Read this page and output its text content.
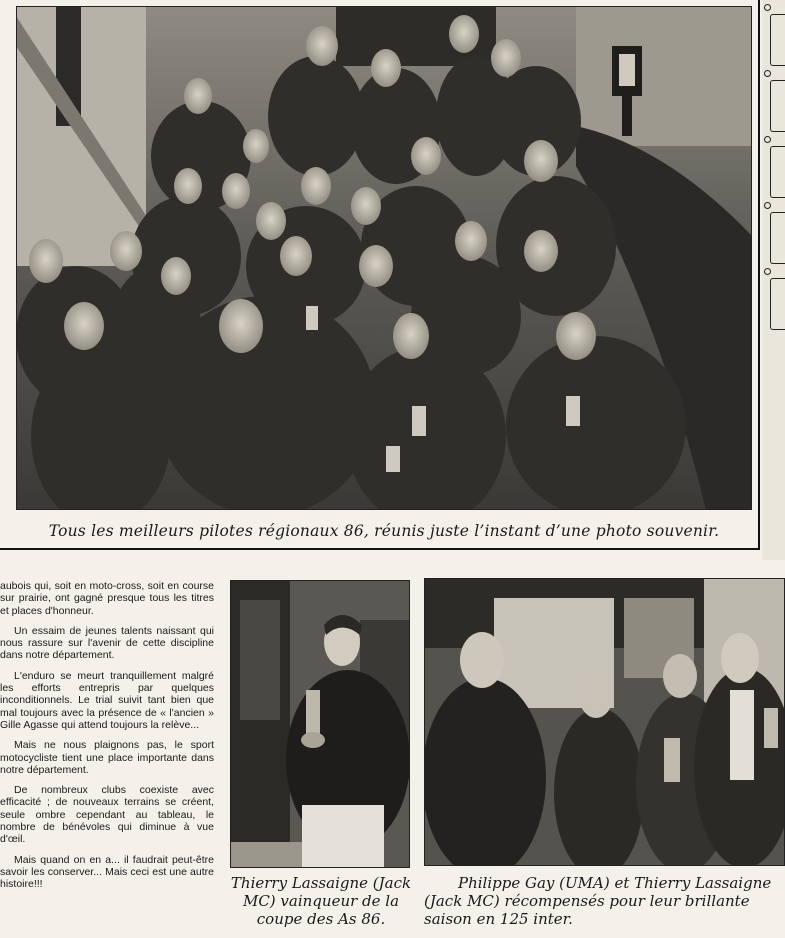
Tous les meilleurs pilotes régionaux 86, réunis juste l’instant d’une photo souvenir.

aubois qui, soit en moto-cross, soit en course sur prairie, ont gagné presque tous les titres et places d'honneur.

Un essaim de jeunes talents naissant qui nous rassure sur l'avenir de cette discipline dans notre département.

L'enduro se meurt tranquillement malgré les efforts entrepris par quelques inconditionnels. Le trial suivit tant bien que mal toujours avec la présence de « l'ancien » Gille Agasse qui attend toujours la relève...

Mais ne nous plaignons pas, le sport motocycliste tient une place importante dans notre département.

De nombreux clubs coexiste avec efficacité ; de nouveaux terrains se créent, seule ombre cependant au tableau, le nombre de bénévoles qui diminue à vue d'œil.

Mais quand on en a... il faudrait peut-être savoir les conserver... Mais ceci est une autre histoire!!!	Thierry Lassaigne (Jack MC) vainqueur de la coupe des As 86.
Philippe Gay (UMA) et Thierry Lassaigne (Jack MC) récompensés pour leur brillante saison en 125 inter.
